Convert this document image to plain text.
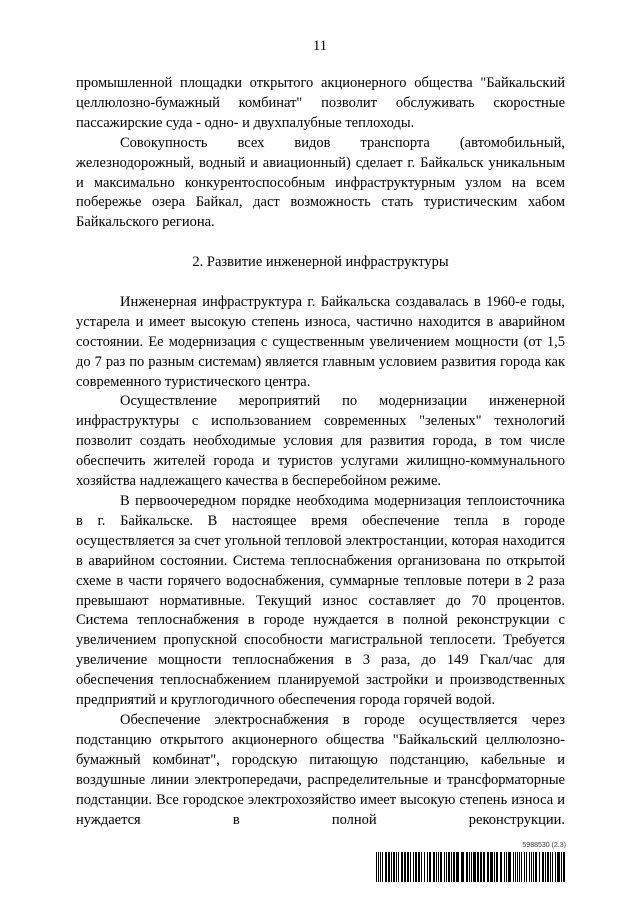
11

промышленной площадки открытого акционерного общества "Байкальский целлюлозно-бумажный комбинат" позволит обслуживать скоростные пассажирские суда - одно- и двухпалубные теплоходы.

Совокупность всех видов транспорта (автомобильный, железнодорожный, водный и авиационный) сделает г. Байкальск уникальным и максимально конкурентоспособным инфраструктурным узлом на всем побережье озера Байкал, даст возможность стать туристическим хабом Байкальского региона.

2. Развитие инженерной инфраструктуры

Инженерная инфраструктура г. Байкальска создавалась в 1960-е годы, устарела и имеет высокую степень износа, частично находится в аварийном состоянии. Ее модернизация с существенным увеличением мощности (от 1,5 до 7 раз по разным системам) является главным условием развития города как современного туристического центра.

Осуществление мероприятий по модернизации инженерной инфраструктуры с использованием современных "зеленых" технологий позволит создать необходимые условия для развития города, в том числе обеспечить жителей города и туристов услугами жилищно-коммунального хозяйства надлежащего качества в бесперебойном режиме.

В первоочередном порядке необходима модернизация теплоисточника в г. Байкальске. В настоящее время обеспечение тепла в городе осуществляется за счет угольной тепловой электростанции, которая находится в аварийном состоянии. Система теплоснабжения организована по открытой схеме в части горячего водоснабжения, суммарные тепловые потери в 2 раза превышают нормативные. Текущий износ составляет до 70 процентов. Система теплоснабжения в городе нуждается в полной реконструкции с увеличением пропускной способности магистральной теплосети. Требуется увеличение мощности теплоснабжения в 3 раза, до 149 Гкал/час для обеспечения теплоснабжением планируемой застройки и производственных предприятий и круглогодичного обеспечения города горячей водой.

Обеспечение электроснабжения в городе осуществляется через подстанцию открытого акционерного общества "Байкальский целлюлозно-бумажный комбинат", городскую питающую подстанцию, кабельные и воздушные линии электропередачи, распределительные и трансформаторные подстанции. Все городское электрохозяйство имеет высокую степень износа и нуждается в полной реконструкции.

5988530 (2.3)
